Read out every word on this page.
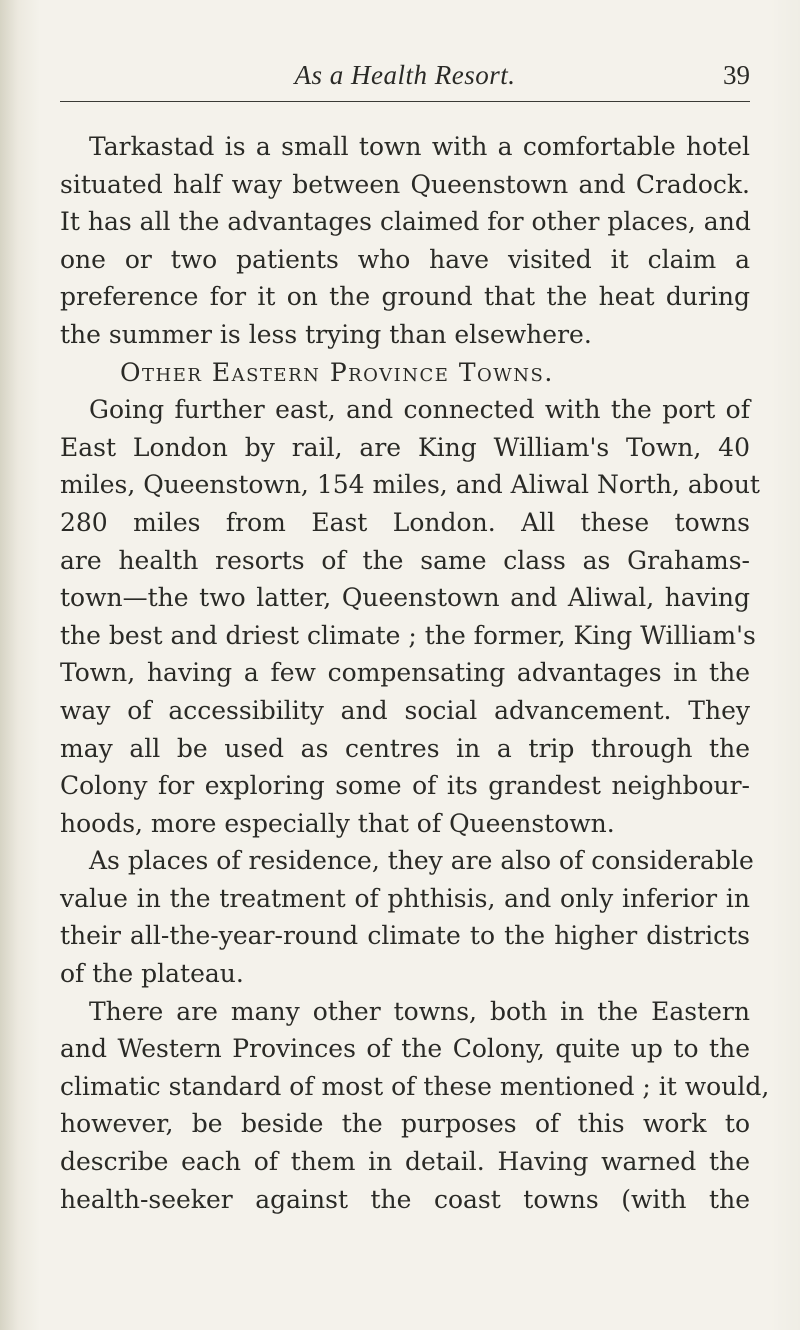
As a Health Resort.	39
Tarkastad is a small town with a comfortable hotel
situated half way between Queenstown and Cradock.
It has all the advantages claimed for other places, and
one or two patients who have visited it claim a
preference for it on the ground that the heat during
the summer is less trying than elsewhere.
Other Eastern Province Towns.
Going further east, and connected with the port of
East London by rail, are King William's Town, 40
miles, Queenstown, 154 miles, and Aliwal North, about
280 miles from East London. All these towns
are health resorts of the same class as Grahams-
town—the two latter, Queenstown and Aliwal, having
the best and driest climate ; the former, King William's
Town, having a few compensating advantages in the
way of accessibility and social advancement. They
may all be used as centres in a trip through the
Colony for exploring some of its grandest neighbour-
hoods, more especially that of Queenstown.
As places of residence, they are also of considerable
value in the treatment of phthisis, and only inferior in
their all-the-year-round climate to the higher districts
of the plateau.
There are many other towns, both in the Eastern
and Western Provinces of the Colony, quite up to the
climatic standard of most of these mentioned ; it would,
however, be beside the purposes of this work to
describe each of them in detail. Having warned the
health-seeker against the coast towns (with the
